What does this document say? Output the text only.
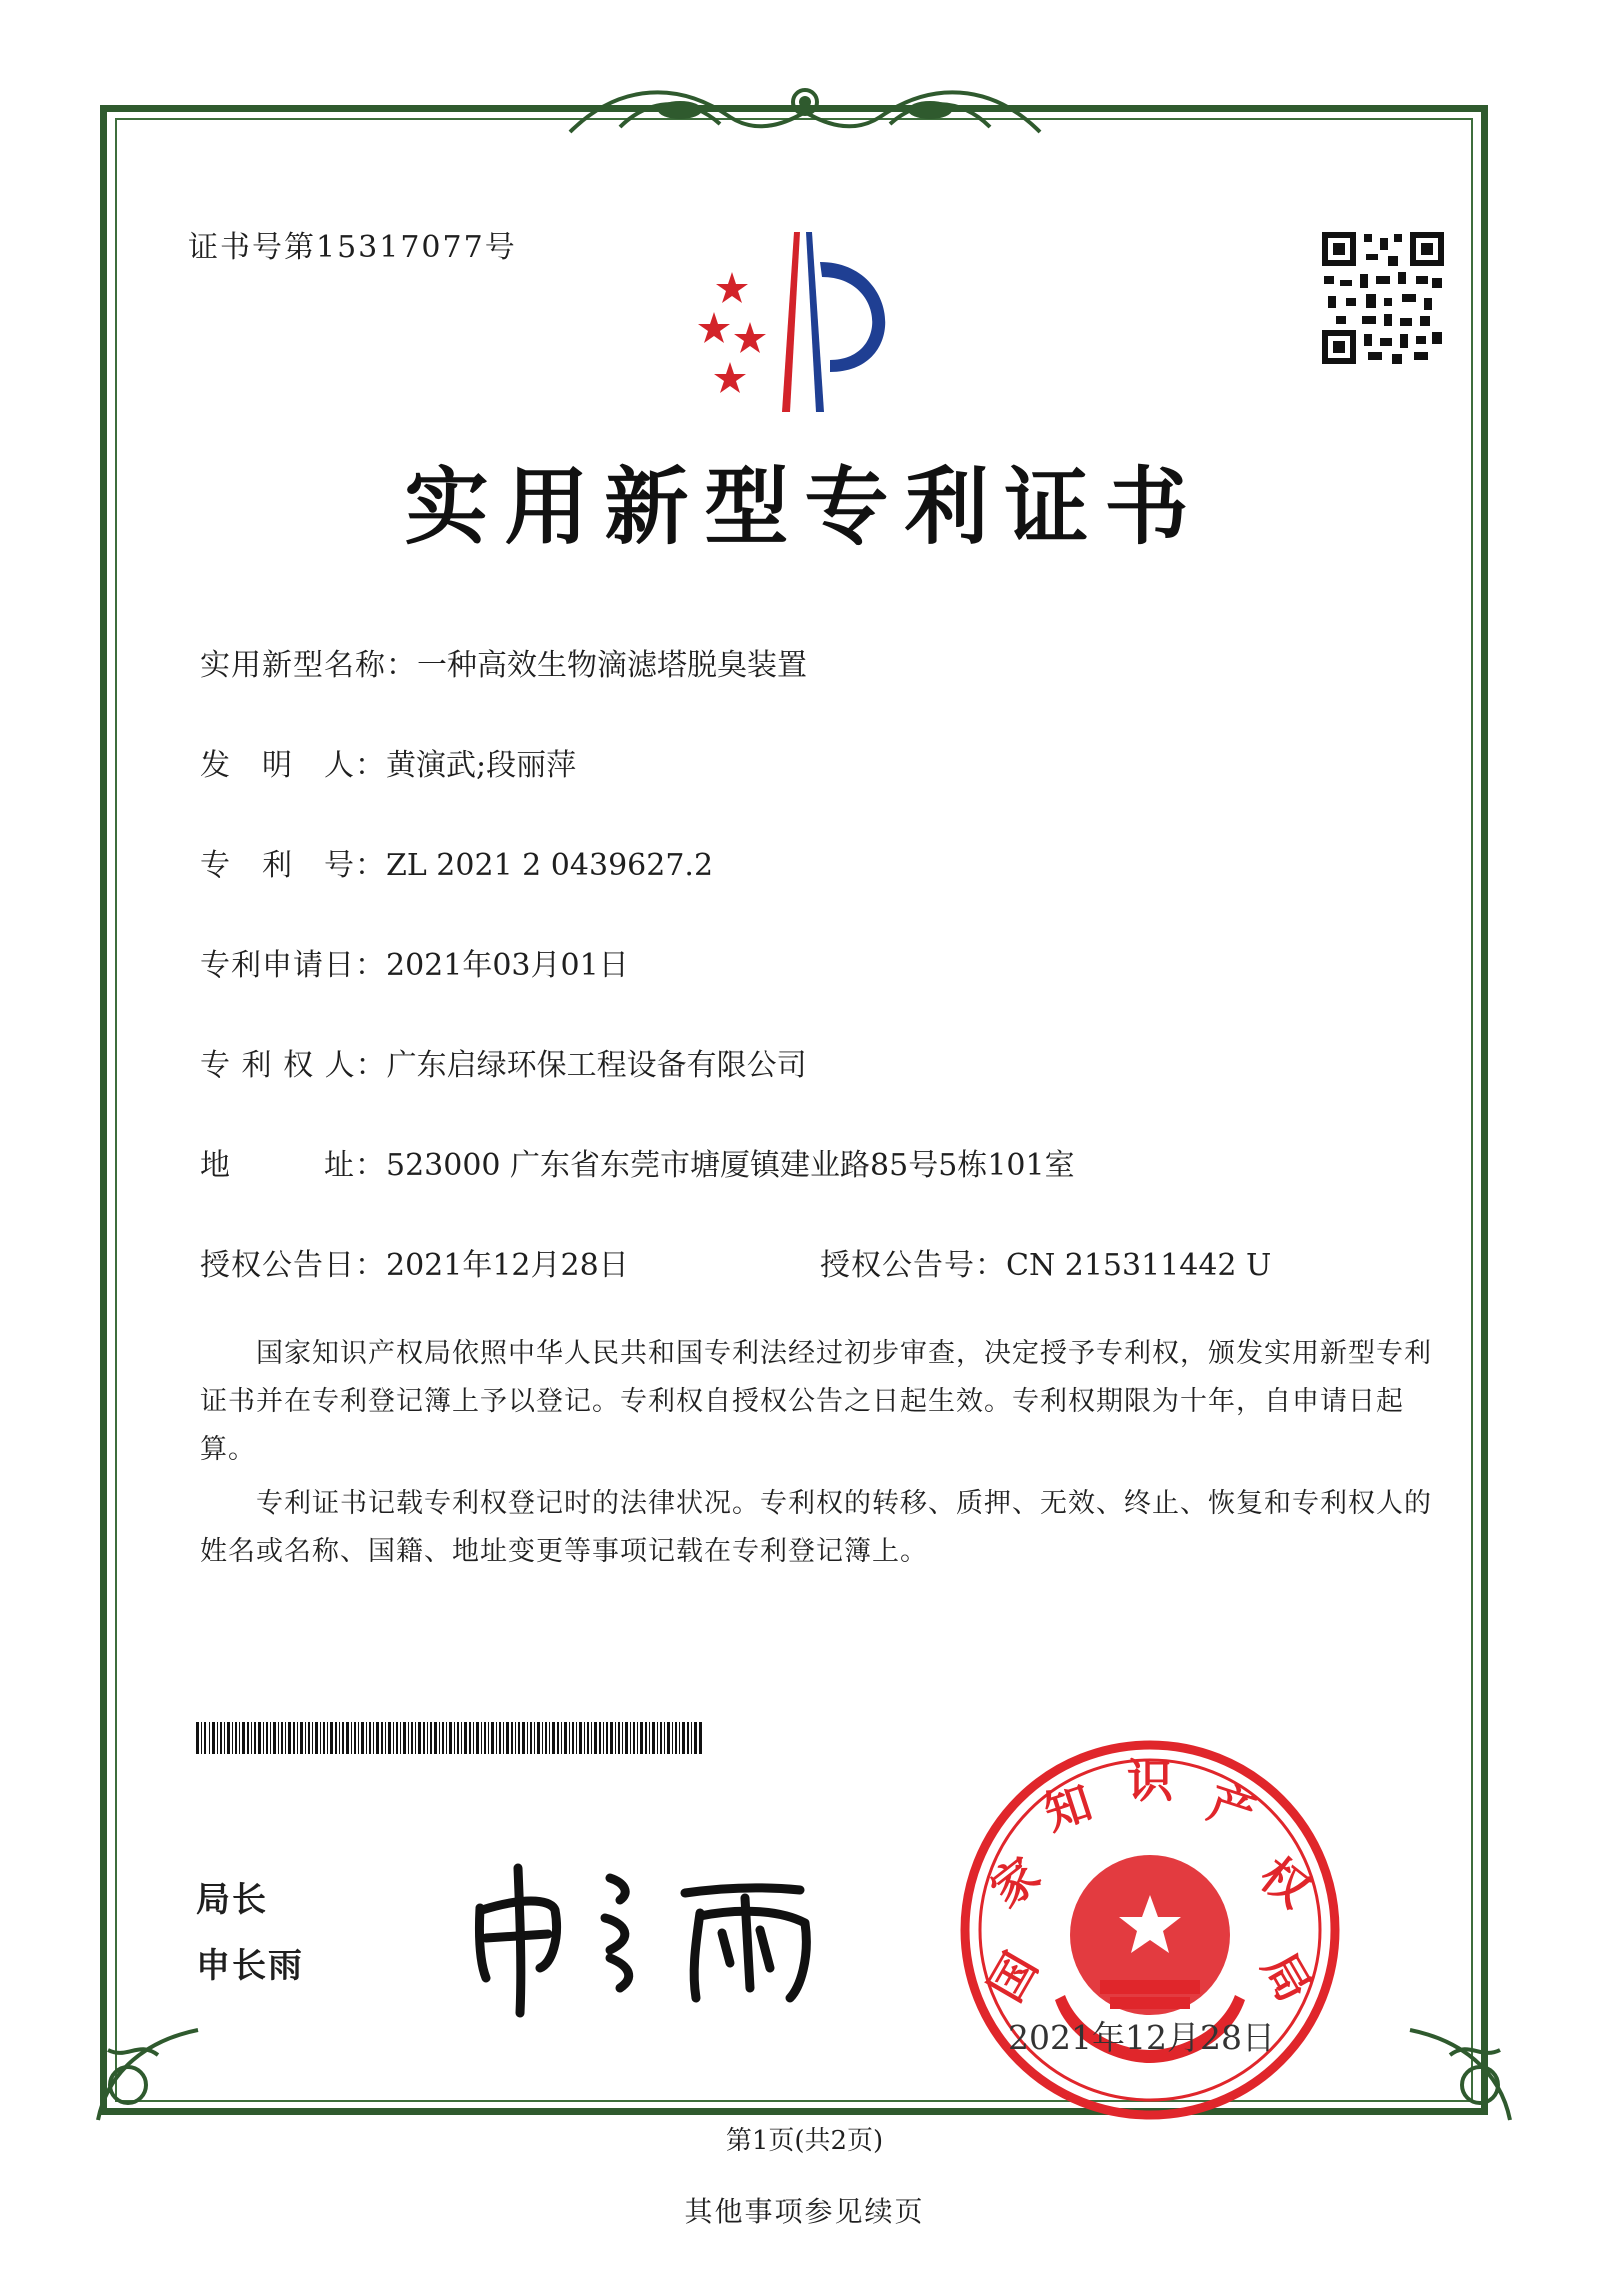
证书号第15317077号
实用新型专利证书
实用新型名称：一种高效生物滴滤塔脱臭装置
发　明　人：黄演武;段丽萍
专　利　号：ZL 2021 2 0439627.2
专利申请日：2021年03月01日
专 利 权 人：广东启绿环保工程设备有限公司
地　　　址：523000 广东省东莞市塘厦镇建业路85号5栋101室
授权公告日：2021年12月28日	授权公告号：CN 215311442 U
国家知识产权局依照中华人民共和国专利法经过初步审查，决定授予专利权，颁发实用新型专利证书并在专利登记簿上予以登记。专利权自授权公告之日起生效。专利权期限为十年，自申请日起算。
专利证书记载专利权登记时的法律状况。专利权的转移、质押、无效、终止、恢复和专利权人的姓名或名称、国籍、地址变更等事项记载在专利登记簿上。
局长
申长雨	国
家
知 识 产
权
局
2021年12月28日
第1页(共2页)
其他事项参见续页
